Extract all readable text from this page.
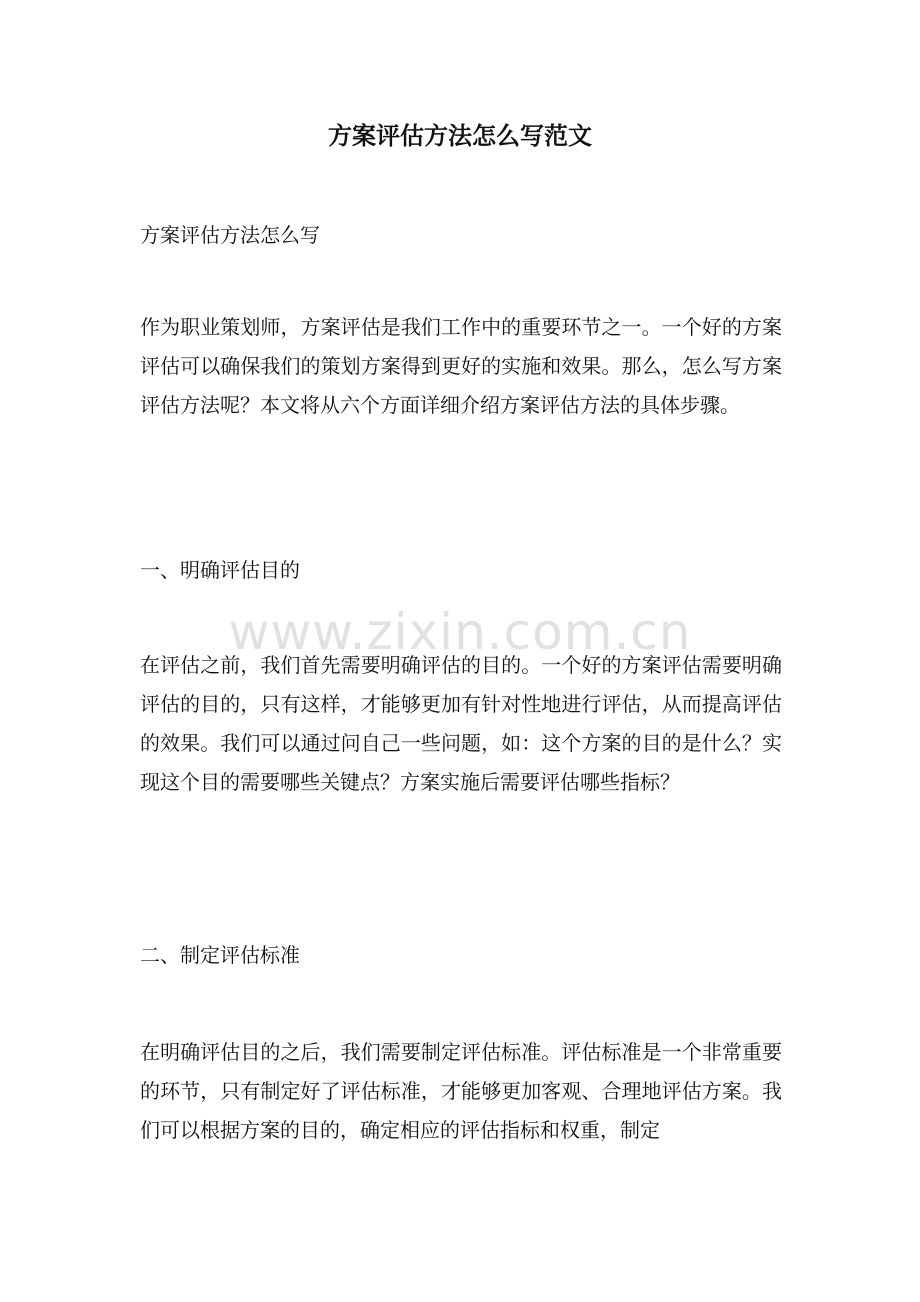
方案评估方法怎么写范文

方案评估方法怎么写

作为职业策划师，方案评估是我们工作中的重要环节之一。一个好的方案评估可以确保我们的策划方案得到更好的实施和效果。那么，怎么写方案评估方法呢？本文将从六个方面详细介绍方案评估方法的具体步骤。

一、明确评估目的

在评估之前，我们首先需要明确评估的目的。一个好的方案评估需要明确评估的目的，只有这样，才能够更加有针对性地进行评估，从而提高评估的效果。我们可以通过问自己一些问题，如：这个方案的目的是什么？实现这个目的需要哪些关键点？方案实施后需要评估哪些指标？

二、制定评估标准

在明确评估目的之后，我们需要制定评估标准。评估标准是一个非常重要的环节，只有制定好了评估标准，才能够更加客观、合理地评估方案。我们可以根据方案的目的，确定相应的评估指标和权重，制定

www.zixin.com.cn
